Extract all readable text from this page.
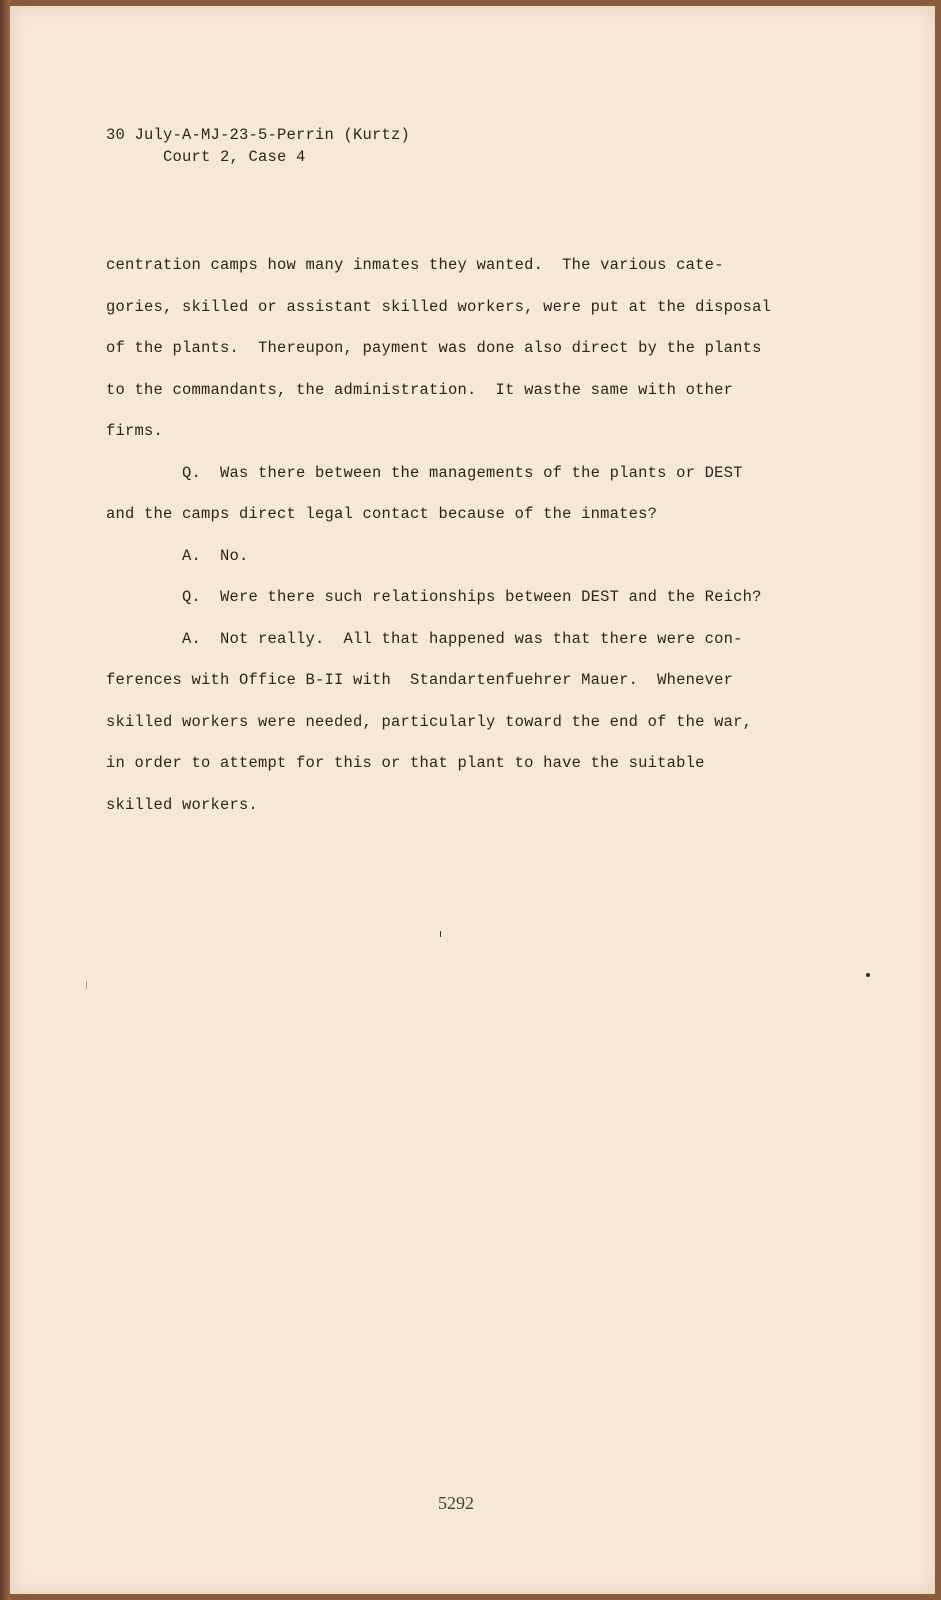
30 July-A-MJ-23-5-Perrin (Kurtz)
Court 2, Case 4
centration camps how many inmates they wanted.  The various cate-
gories, skilled or assistant skilled workers, were put at the disposal
of the plants.  Thereupon, payment was done also direct by the plants
to the commandants, the administration.  It wasthe same with other
firms.
Q.  Was there between the managements of the plants or DEST
and the camps direct legal contact because of the inmates?
A.  No.
Q.  Were there such relationships between DEST and the Reich?
A.  Not really.  All that happened was that there were con-
ferences with Office B-II with  Standartenfuehrer Mauer.  Whenever
skilled workers were needed, particularly toward the end of the war,
in order to attempt for this or that plant to have the suitable
skilled workers.
5292
